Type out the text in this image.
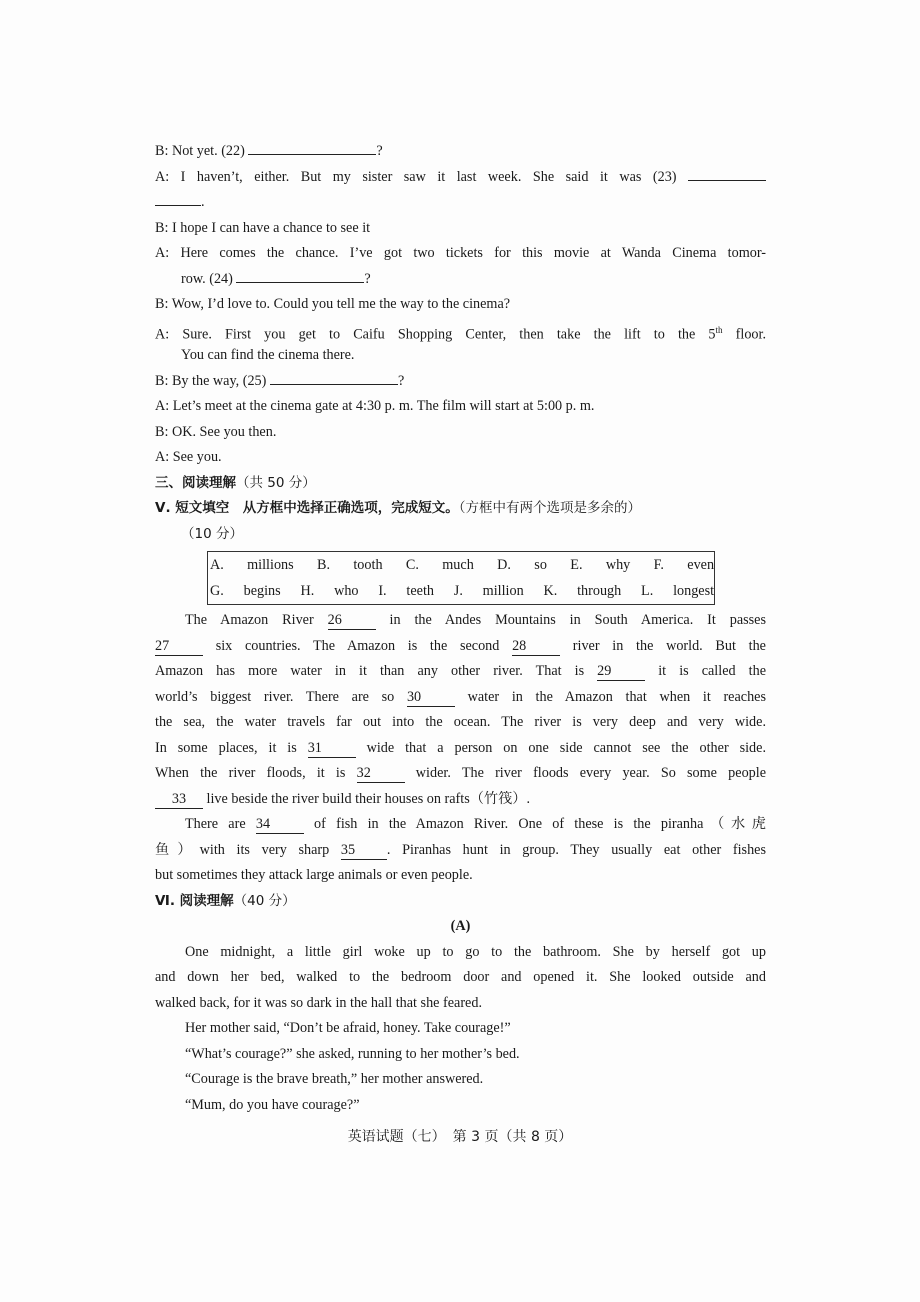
B: Not yet. (22)	?
A: I haven’t, either. But my sister saw it last week. She said it was (23)
.
B: I hope I can have a chance to see it
A: Here comes the chance. I’ve got two tickets for this movie at Wanda Cinema tomor-
row. (24)	?
B: Wow, I’d love to. Could you tell me the way to the cinema?
A: Sure. First you get to Caifu Shopping Center, then take the lift to the 5th floor.
You can find the cinema there.
B: By the way, (25)	?
A: Let’s meet at the cinema gate at 4:30 p. m. The film will start at 5:00 p. m.
B: OK. See you then.
A: See you.
三、阅读理解（共 50 分）
Ⅴ. 短文填空　从方框中选择正确选项，完成短文。（方框中有两个选项是多余的）
（10 分）
A. millions B. tooth C. much D. so E. why F. even
G. begins H. who I. teeth J. million K. through L. longest
The Amazon River 26 in the Andes Mountains in South America. It passes
27 six countries. The Amazon is the second 28 river in the world. But the
Amazon has more water in it than any other river. That is 29 it is called the
world’s biggest river. There are so 30 water in the Amazon that when it reaches
the sea, the water travels far out into the ocean. The river is very deep and very wide.
In some places, it is 31 wide that a person on one side cannot see the other side.
When the river floods, it is 32 wider. The river floods every year. So some people
33 live beside the river build their houses on rafts（竹筏）.
There are 34 of fish in the Amazon River. One of these is the piranha（水虎
鱼）with its very sharp 35 . Piranhas hunt in group. They usually eat other fishes
but sometimes they attack large animals or even people.
Ⅵ. 阅读理解（40 分）
(A)
One midnight, a little girl woke up to go to the bathroom. She by herself got up
and down her bed, walked to the bedroom door and opened it. She looked outside and
walked back, for it was so dark in the hall that she feared.
Her mother said, “Don’t be afraid, honey. Take courage!”
“What’s courage?” she asked, running to her mother’s bed.
“Courage is the brave breath,” her mother answered.
“Mum, do you have courage?”
英语试题（七）　第 3 页（共 8 页）
